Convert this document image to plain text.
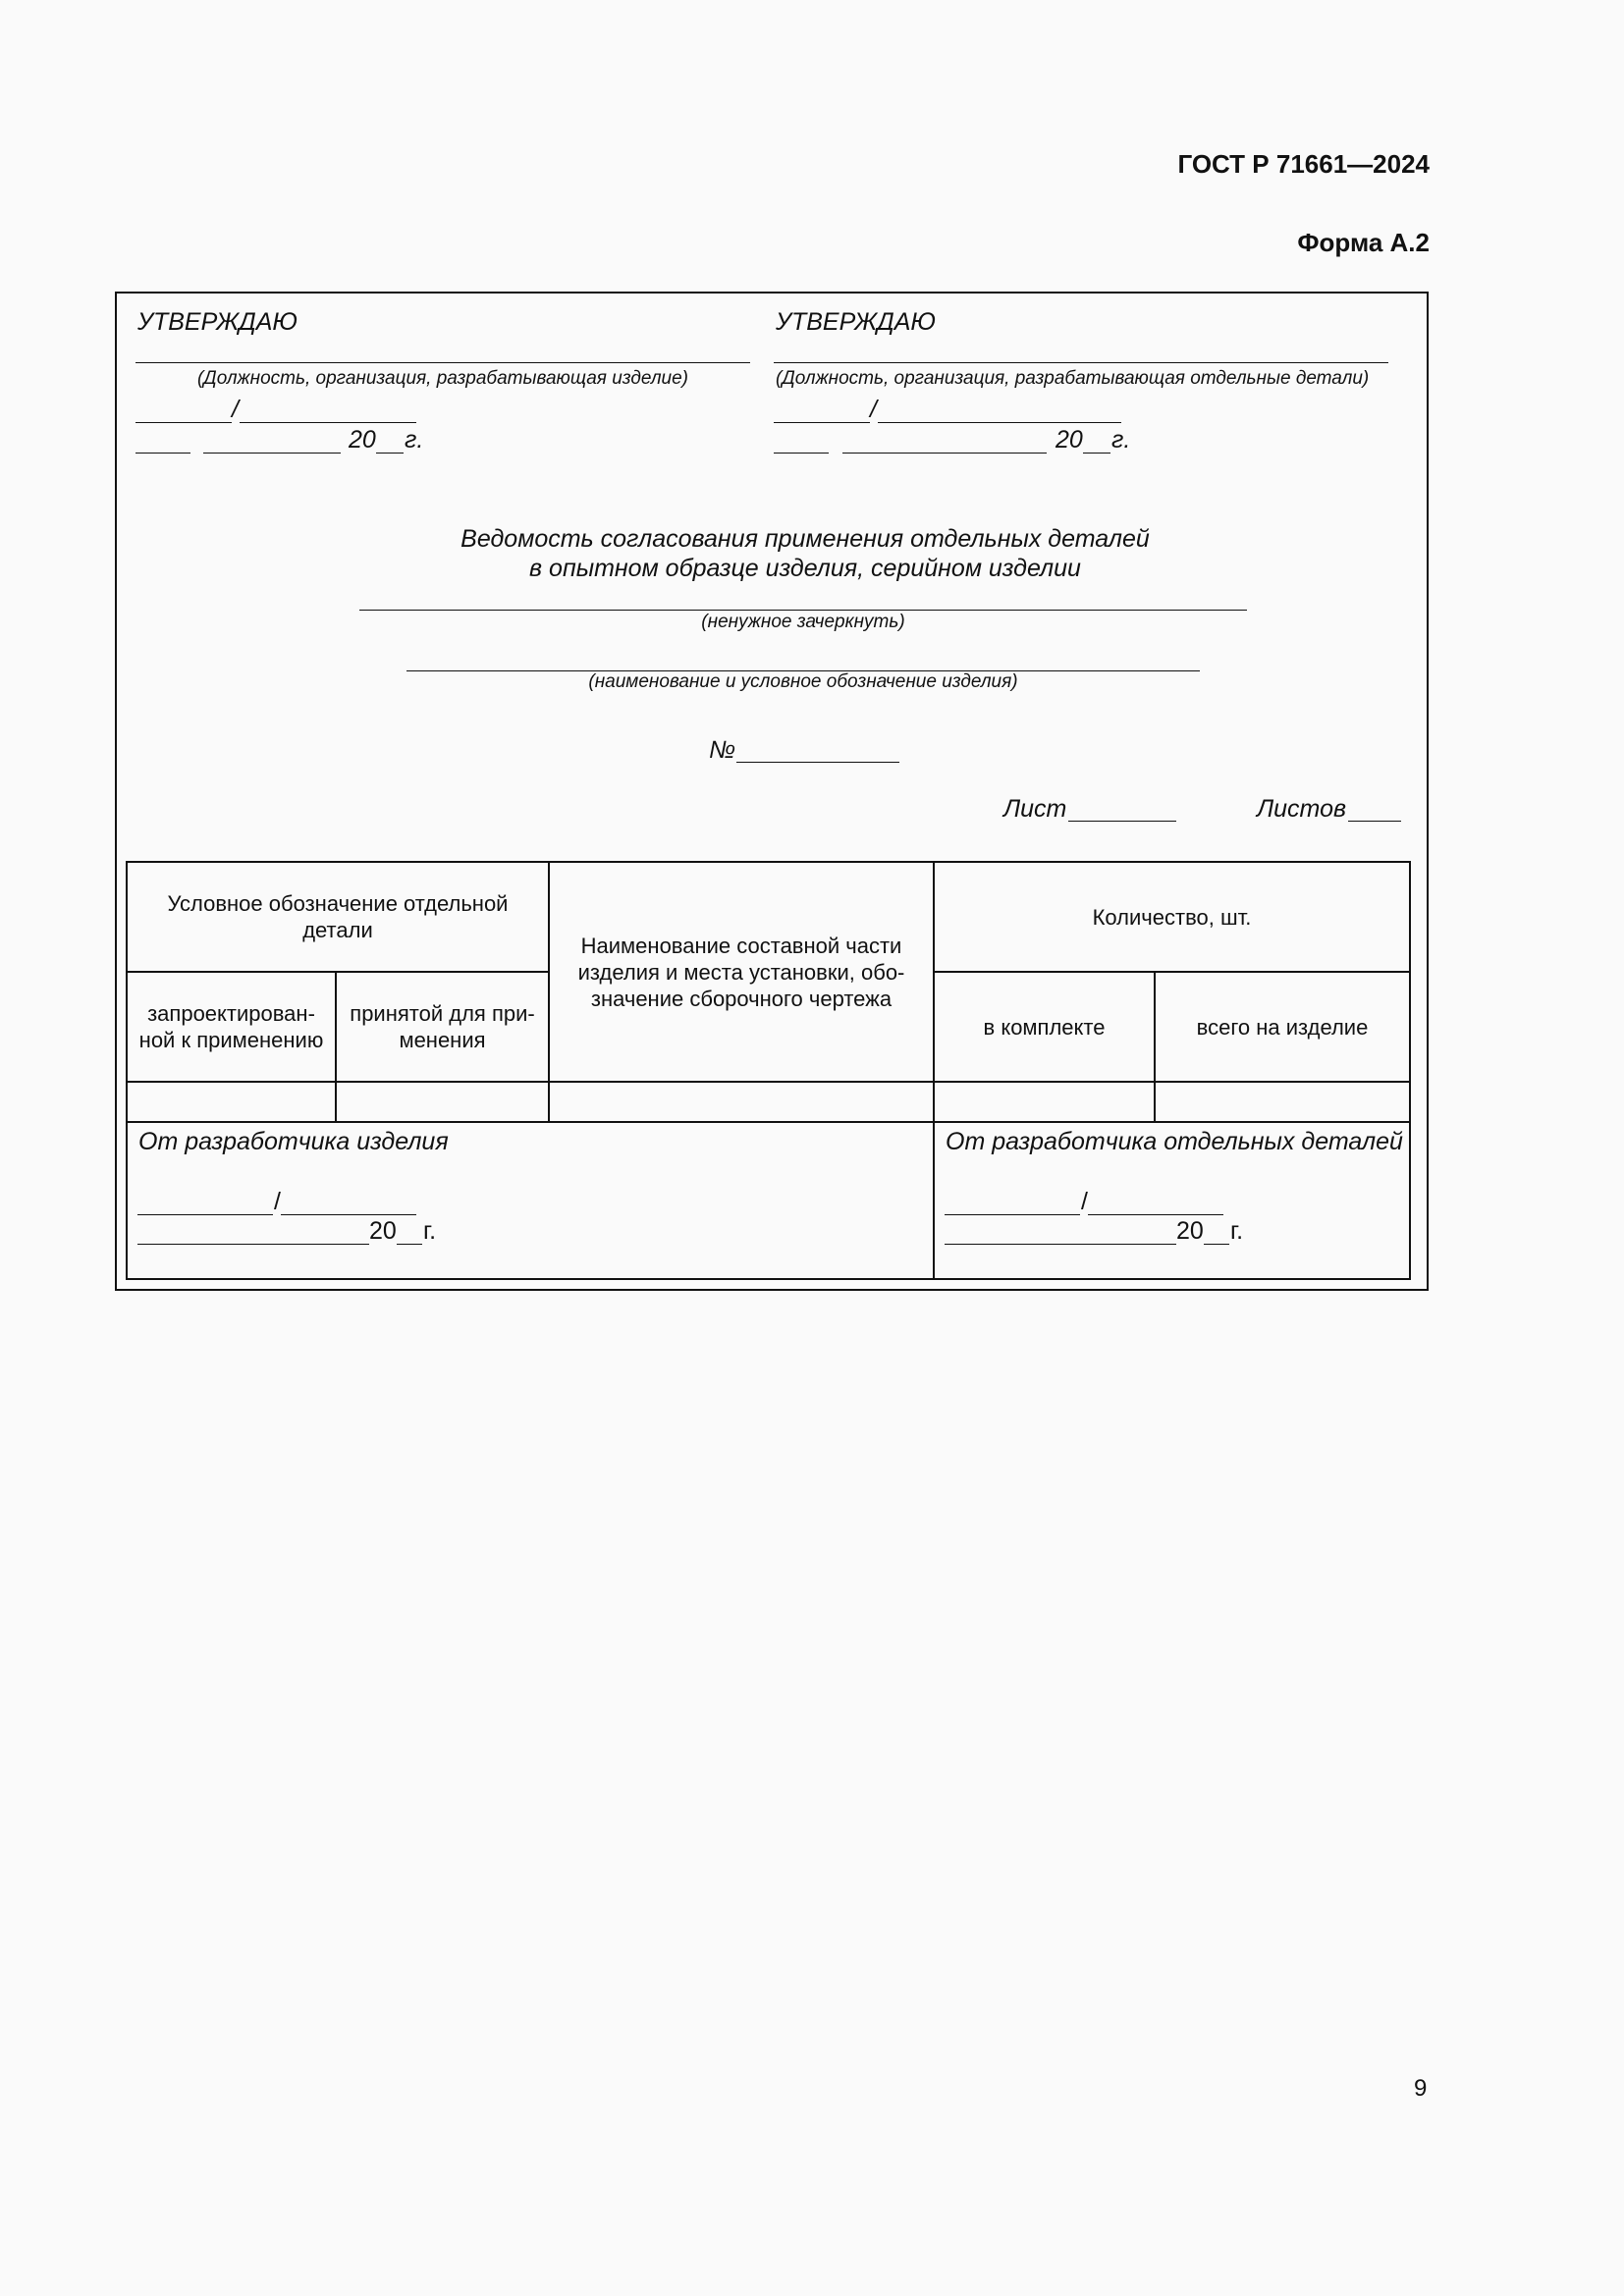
ГОСТ Р 71661—2024
Форма А.2
УТВЕРЖДАЮ
(Должность, организация, разрабатывающая изделие)
/
20 г.
УТВЕРЖДАЮ
(Должность, организация, разрабатывающая отдельные детали)
/
20 г.
Ведомость согласования применения отдельных деталей
в опытном образце изделия, серийном изделии
(ненужное зачеркнуть)
(наименование и условное обозначение изделия)
№
Лист	Листов
Условное обозначение отдельной детали
запроектирован-ной к применению
принятой для при-менения
Наименование составной части изделия и места установки, обо-значение сборочного чертежа
Количество, шт.
в комплекте	всего на изделие
От разработчика изделия
/
20 г.
От разработчика отдельных деталей
/
20 г.
9
